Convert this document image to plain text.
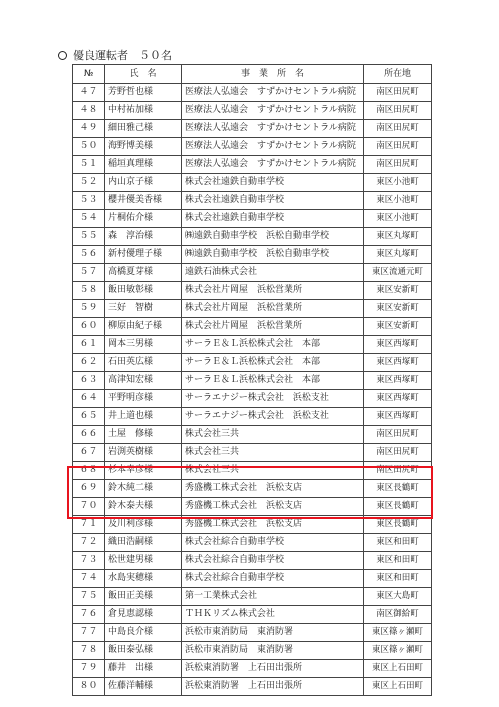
優良運転者　５０名
№	氏　名	事　業　所　名	所在地
４７	芳野哲也様	医療法人弘遠会　すずかけセントラル病院	南区田尻町
４８	中村祐加様	医療法人弘遠会　すずかけセントラル病院	南区田尻町
４９	細田雅己様	医療法人弘遠会　すずかけセントラル病院	南区田尻町
５０	海野博美様	医療法人弘遠会　すずかけセントラル病院	南区田尻町
５１	稲垣真理様	医療法人弘遠会　すずかけセントラル病院	南区田尻町
５２	内山京子様	株式会社遠鉄自動車学校	東区小池町
５３	櫻井優美香様	株式会社遠鉄自動車学校	東区小池町
５４	片桐佑介様	株式会社遠鉄自動車学校	東区小池町
５５	森　淳治様	㈱遠鉄自動車学校　浜松自動車学校	東区丸塚町
５６	新村優理子様	㈱遠鉄自動車学校　浜松自動車学校	東区丸塚町
５７	高橋夏芽様	遠鉄石油株式会社	東区流通元町
５８	飯田敏彰様	株式会社片岡屋　浜松営業所	東区安新町
５９	三好　智樹	株式会社片岡屋　浜松営業所	東区安新町
６０	柳原由紀子様	株式会社片岡屋　浜松営業所	東区安新町
６１	岡本三男様	サーラＥ＆Ｌ浜松株式会社　本部	東区西塚町
６２	石田英広様	サーラＥ＆Ｌ浜松株式会社　本部	東区西塚町
６３	高津知宏様	サーラＥ＆Ｌ浜松株式会社　本部	東区西塚町
６４	平野明彦様	サーラエナジー株式会社　浜松支社	東区西塚町
６５	井上道也様	サーラエナジー株式会社　浜松支社	東区西塚町
６６	土屋　修様	株式会社三共	南区田尻町
６７	岩渕英樹様	株式会社三共	南区田尻町
６８	杉本幸彦様	株式会社三共	南区田尻町
６９	鈴木純二様	秀盛機工株式会社　浜松支店	東区長鶴町
７０	鈴木泰夫様	秀盛機工株式会社　浜松支店	東区長鶴町
７１	及川利彦様	秀盛機工株式会社　浜松支店	東区長鶴町
７２	織田浩嗣様	株式会社綜合自動車学校	東区和田町
７３	松世建男様	株式会社綜合自動車学校	東区和田町
７４	水島実穂様	株式会社綜合自動車学校	東区和田町
７５	飯田正美様	第一工業株式会社	東区大島町
７６	倉見恵認様	ＴＨＫリズム株式会社	南区御給町
７７	中島良介様	浜松市東消防局　東消防署	東区篠ヶ瀬町
７８	飯田泰弘様	浜松市東消防局　東消防署	東区篠ヶ瀬町
７９	藤井　出様	浜松東消防署　上石田出張所	東区上石田町
８０	佐藤洋輔様	浜松東消防署　上石田出張所	東区上石田町
